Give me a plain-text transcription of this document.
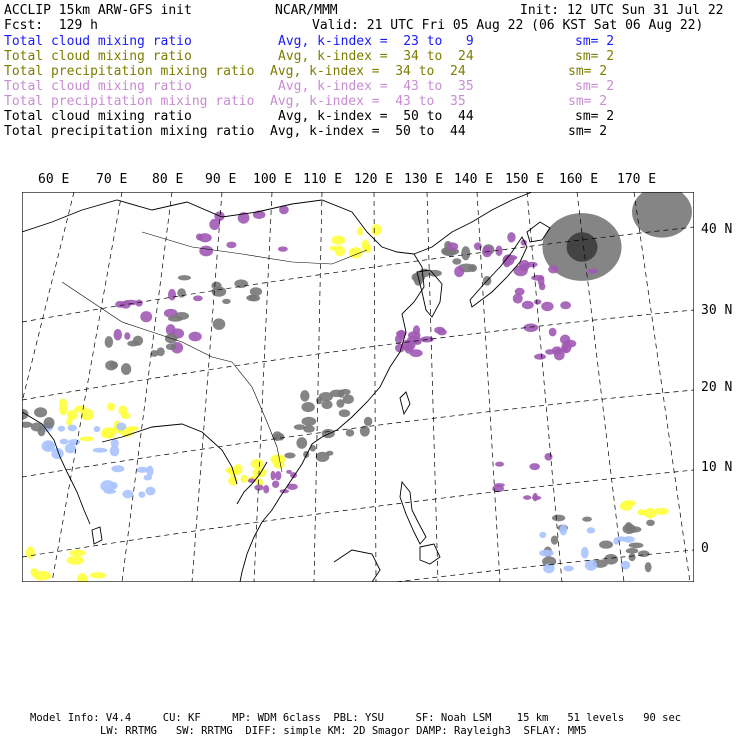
ACCLIP 15km ARW-GFS init	NCAR/MMM	Init: 12 UTC Sun 31 Jul 22
Fcst:  129 h	Valid: 21 UTC Fri 05 Aug 22 (06 KST Sat 06 Aug 22)
Total cloud mixing ratio	Avg, k-index =  23 to   9	sm= 2
Total cloud mixing ratio	Avg, k-index =  34 to  24	sm= 2
Total precipitation mixing ratio Avg, k-index =  34 to  24	sm= 2
Total cloud mixing ratio	Avg, k-index =  43 to  35	sm= 2
Total precipitation mixing ratio Avg, k-index =  43 to  35	sm= 2
Total cloud mixing ratio	Avg, k-index =  50 to  44	sm= 2
Total precipitation mixing ratio Avg, k-index =  50 to  44	sm= 2
60 E 70 E 80 E 90 E 100 E 110 E 120 E 130 E 140 E 150 E 160 E 170 E
40 N
30 N
20 N
10 N
0
Model Info: V4.4     CU: KF     MP: WDM 6class  PBL: YSU     SF: Noah LSM    15 km   51 levels   90 sec
LW: RRTMG   SW: RRTMG  DIFF: simple KM: 2D Smagor DAMP: Rayleigh3  SFLAY: MM5
